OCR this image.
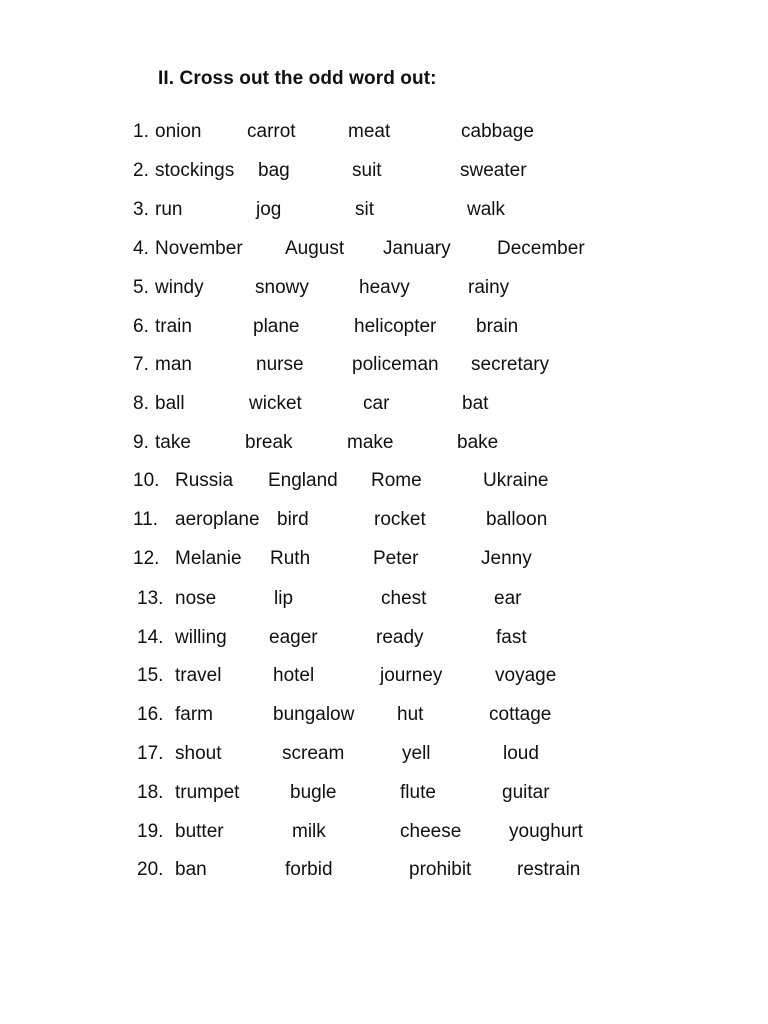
II. Cross out the odd word out:
1. onion carrot	meat	cabbage
2. stockings bag	suit	sweater
3. run	jog	sit	walk
4. November August January December
5. windy	snowy	heavy	rainy
6. train	plane	helicopter brain
7. man	nurse	policeman secretary
8. ball	wicket	car	bat
9. take	break	make	bake
10. Russia England Rome	Ukraine
11. aeroplane bird	rocket	balloon
12. Melanie Ruth	Peter	Jenny
13. nose	lip	chest	ear
14. willing eager	ready	fast
15. travel	hotel	journey	voyage
16. farm	bungalow hut	cottage
17. shout	scream	yell	loud
18. trumpet	bugle	flute	guitar
19. butter	milk	cheese	youghurt
20. ban	forbid	prohibit restrain
